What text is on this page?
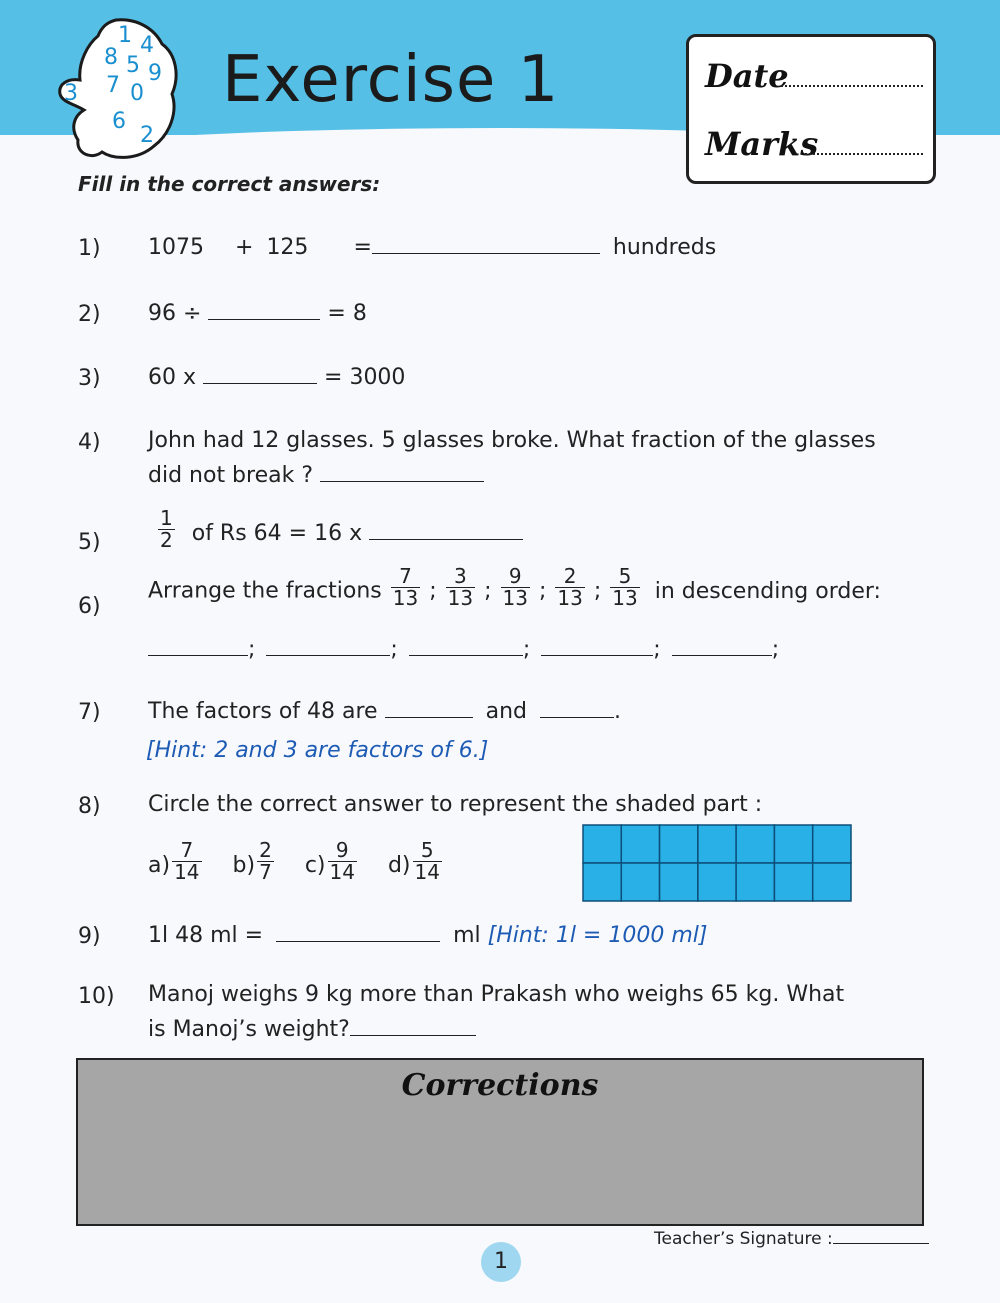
1 4
8 5 9
3 7 0
6
2
Exercise 1	Date
Marks
Fill in the correct answers:
1) 1075 + 125 =	hundreds
2) 96 ÷	= 8
3) 60 x	= 3000
4) John had 12 glasses. 5 glasses broke. What fraction of the glasses
did not break ?
5)	$\frac{1}{2}$ of Rs 64 = 16 x
6)
Arrange the fractions $\frac{7}{13}$ ; $\frac{3}{13}$ ; $\frac{9}{13}$ ; $\frac{2}{13}$ ; $\frac{5}{13}$ in descending order:
;	;	;	;	;
7) The factors of 48 are	and	.
[Hint: 2 and 3 are factors of 6.]
8) Circle the correct answer to represent the shaded part :
$a) \frac{7}{14} b) \frac{2}{7} c) \frac{9}{14} d) \frac{5}{14}$
9) 1l 48 ml =	ml [Hint: 1l = 1000 ml]
10) Manoj weighs 9 kg more than Prakash who weighs 65 kg. What
is Manoj’s weight?
Corrections
Teacher’s Signature :
1
